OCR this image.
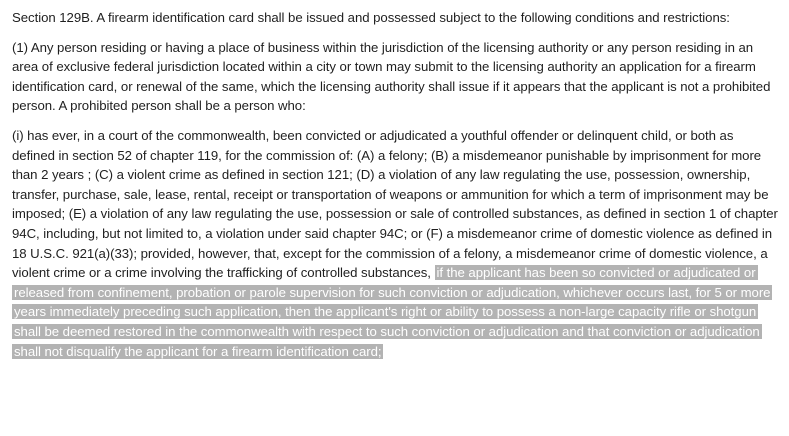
Section 129B. A firearm identification card shall be issued and possessed subject to the following conditions and restrictions:

(1) Any person residing or having a place of business within the jurisdiction of the licensing authority or any person residing in an area of exclusive federal jurisdiction located within a city or town may submit to the licensing authority an application for a firearm identification card, or renewal of the same, which the licensing authority shall issue if it appears that the applicant is not a prohibited person. A prohibited person shall be a person who:

(i) has ever, in a court of the commonwealth, been convicted or adjudicated a youthful offender or delinquent child, or both as defined in section 52 of chapter 119, for the commission of: (A) a felony; (B) a misdemeanor punishable by imprisonment for more than 2 years ; (C) a violent crime as defined in section 121; (D) a violation of any law regulating the use, possession, ownership, transfer, purchase, sale, lease, rental, receipt or transportation of weapons or ammunition for which a term of imprisonment may be imposed; (E) a violation of any law regulating the use, possession or sale of controlled substances, as defined in section 1 of chapter 94C, including, but not limited to, a violation under said chapter 94C; or (F) a misdemeanor crime of domestic violence as defined in 18 U.S.C. 921(a)(33); provided, however, that, except for the commission of a felony, a misdemeanor crime of domestic violence, a violent crime or a crime involving the trafficking of controlled substances, if the applicant has been so convicted or adjudicated or released from confinement, probation or parole supervision for such conviction or adjudication, whichever occurs last, for 5 or more years immediately preceding such application, then the applicant's right or ability to possess a non-large capacity rifle or shotgun shall be deemed restored in the commonwealth with respect to such conviction or adjudication and that conviction or adjudication shall not disqualify the applicant for a firearm identification card;
